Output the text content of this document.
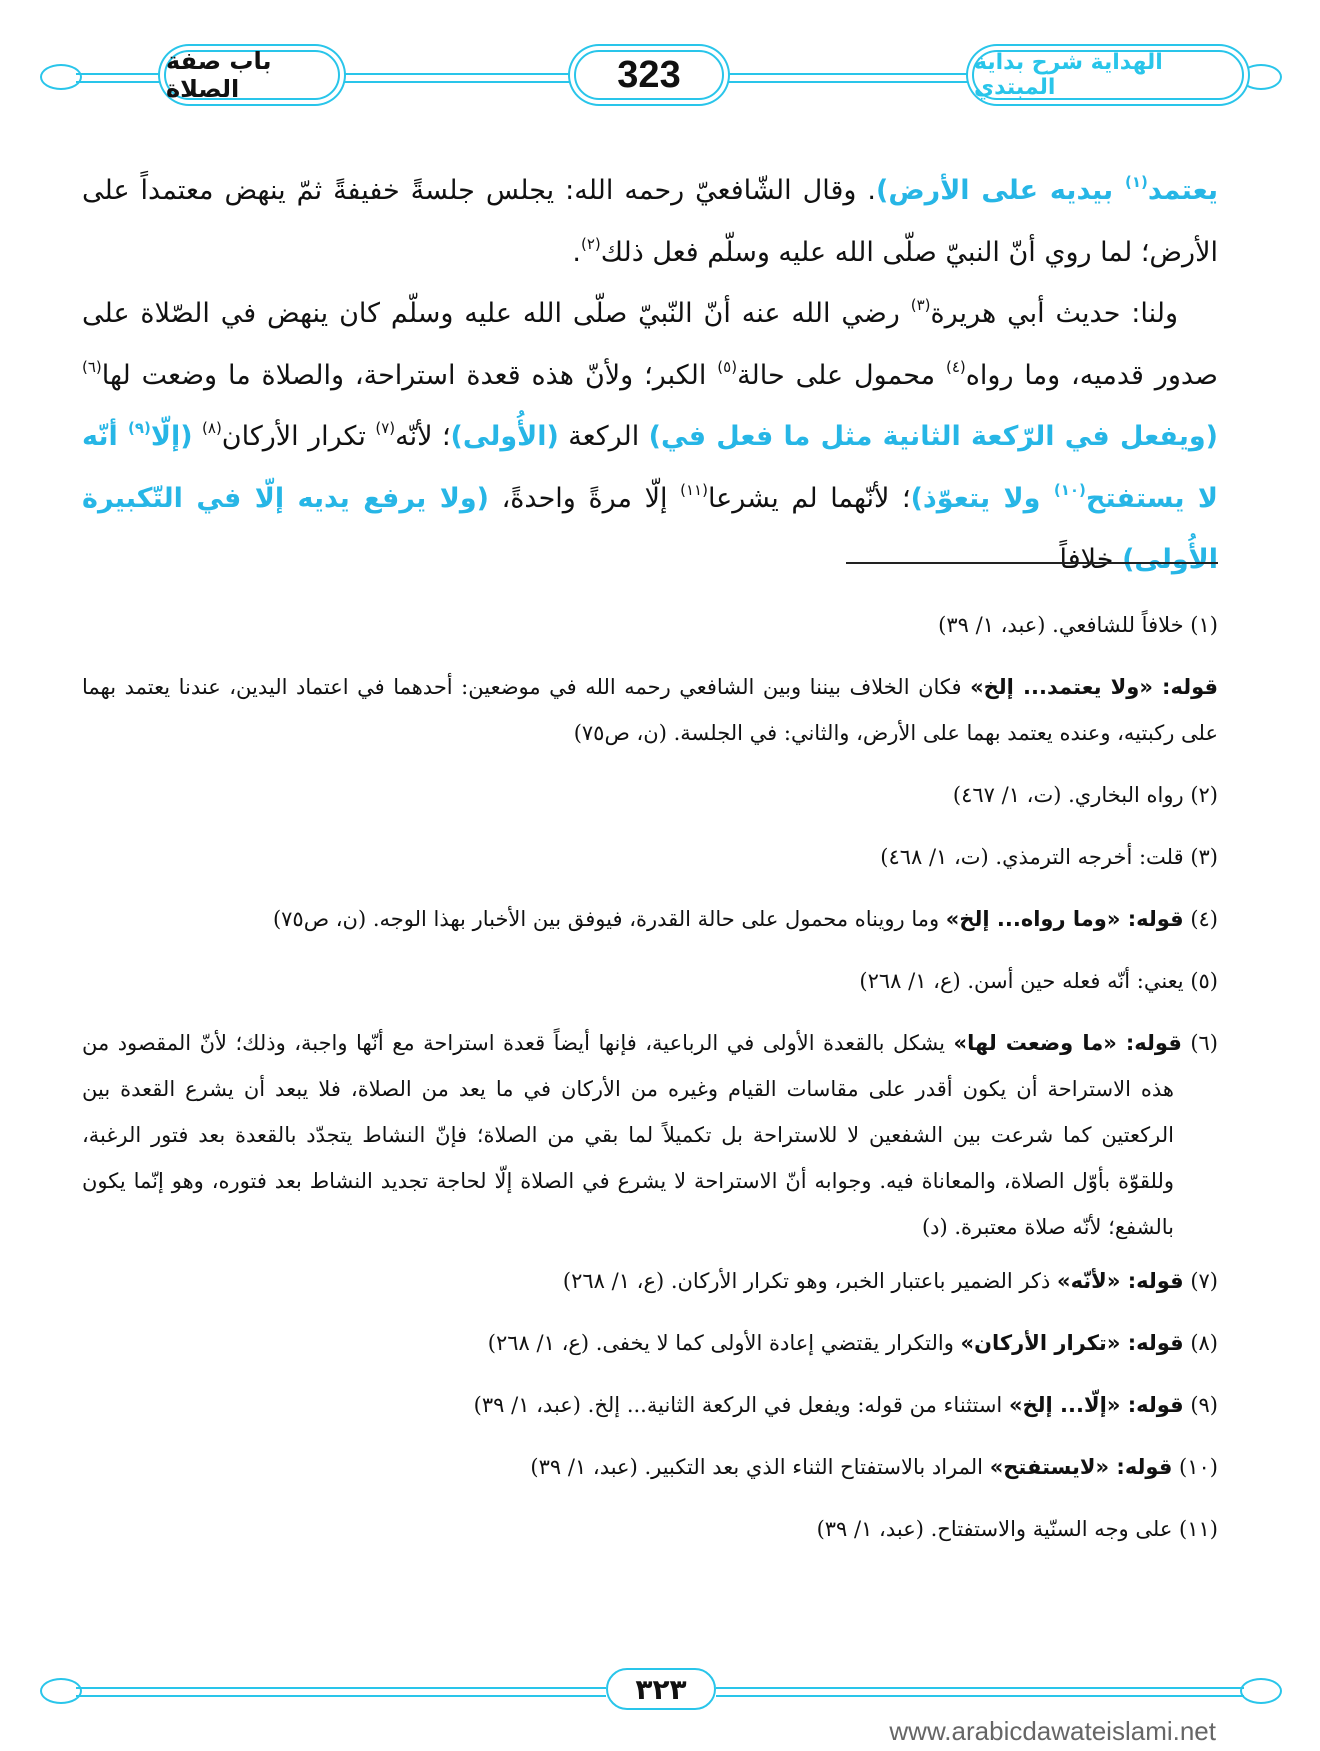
باب صفة الصلاة	323	الهداية شرح بداية المبتدي

يعتمد$^{(١)}$ بيديه على الأرض). وقال الشّافعيّ رحمه الله: يجلس جلسةً خفيفةً ثمّ ينهض معتمداً على الأرض؛ لما روي أنّ النبيّ صلّى الله عليه وسلّم فعل ذلك$^{(٢)}$.

ولنا: حديث أبي هريرة$^{(٣)}$ رضي الله عنه أنّ النّبيّ صلّى الله عليه وسلّم كان ينهض في الصّلاة على صدور قدميه، وما رواه$^{(٤)}$ محمول على حالة$^{(٥)}$ الكبر؛ ولأنّ هذه قعدة استراحة، والصلاة ما وضعت لها$^{(٦)}$ (ويفعل في الرّكعة الثانية مثل ما فعل في) الركعة (الأُولى)؛ لأنّه$^{(٧)}$ تكرار الأركان$^{(٨)}$ (إلّا$^{(٩)}$ أنّه لا يستفتح$^{(١٠)}$ ولا يتعوّذ)؛ لأنّهما لم يشرعا$^{(١١)}$ إلّا مرةً واحدةً، (ولا يرفع يديه إلّا في التّكبيرة الأُولى) خلافاً

(١) خلافاً للشافعي. (عبد، ١/ ٣٩)

قوله: «ولا يعتمد... إلخ» فكان الخلاف بيننا وبين الشافعي رحمه الله في موضعين: أحدهما في اعتماد اليدين، عندنا يعتمد بهما على ركبتيه، وعنده يعتمد بهما على الأرض، والثاني: في الجلسة. (ن، ص٧٥)

(٢) رواه البخاري. (ت، ١/ ٤٦٧)

(٣) قلت: أخرجه الترمذي. (ت، ١/ ٤٦٨)

(٤) قوله: «وما رواه... إلخ» وما رويناه محمول على حالة القدرة، فيوفق بين الأخبار بهذا الوجه. (ن، ص٧٥)

(٥) يعني: أنّه فعله حين أسن. (ع، ١/ ٢٦٨)

(٦) قوله: «ما وضعت لها» يشكل بالقعدة الأولى في الرباعية، فإنها أيضاً قعدة استراحة مع أنّها واجبة، وذلك؛ لأنّ المقصود من هذه الاستراحة أن يكون أقدر على مقاسات القيام وغيره من الأركان في ما يعد من الصلاة، فلا يبعد أن يشرع القعدة بين الركعتين كما شرعت بين الشفعين لا للاستراحة بل تكميلاً لما بقي من الصلاة؛ فإنّ النشاط يتجدّد بالقعدة بعد فتور الرغبة، وللقوّة بأوّل الصلاة، والمعاناة فيه. وجوابه أنّ الاستراحة لا يشرع في الصلاة إلّا لحاجة تجديد النشاط بعد فتوره، وهو إنّما يكون بالشفع؛ لأنّه صلاة معتبرة. (د)

(٧) قوله: «لأنّه» ذكر الضمير باعتبار الخبر، وهو تكرار الأركان. (ع، ١/ ٢٦٨)

(٨) قوله: «تكرار الأركان» والتكرار يقتضي إعادة الأولى كما لا يخفى. (ع، ١/ ٢٦٨)

(٩) قوله: «إلّا... إلخ» استثناء من قوله: ويفعل في الركعة الثانية... إلخ. (عبد، ١/ ٣٩)

(١٠) قوله: «لايستفتح» المراد بالاستفتاح الثناء الذي بعد التكبير. (عبد، ١/ ٣٩)

(١١) على وجه السنّية والاستفتاح. (عبد، ١/ ٣٩)

٣٢٣
www.arabicdawateislami.net
